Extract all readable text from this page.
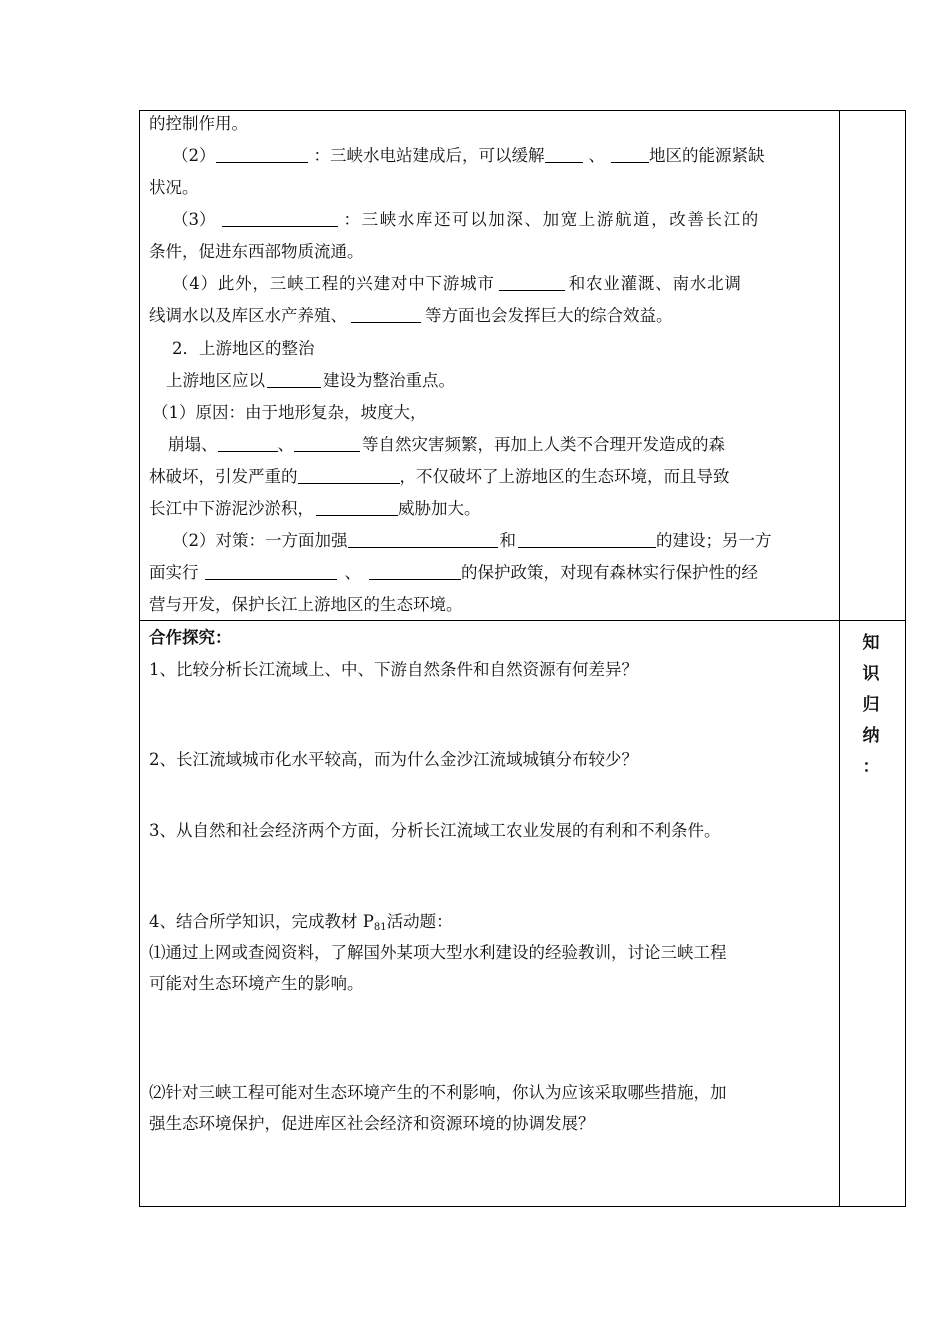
的控制作用。
（2）	：三峡水电站建成后，可以缓解	、	地区的能源紧缺
状况。
（3）	：三峡水库还可以加深、加宽上游航道，改善长江的
条件，促进东西部物质流通。
（4）此外，三峡工程的兴建对中下游城市	和农业灌溉、南水北调
线调水以及库区水产养殖、	等方面也会发挥巨大的综合效益。
2．上游地区的整治
上游地区应以	建设为整治重点。
（1）原因：由于地形复杂，坡度大，
崩塌、	、	等自然灾害频繁，再加上人类不合理开发造成的森
林破坏，引发严重的	，不仅破坏了上游地区的生态环境，而且导致
长江中下游泥沙淤积，	威胁加大。
（2）对策：一方面加强	和	的建设；另一方
面实行	、	的保护政策，对现有森林实行保护性的经
营与开发，保护长江上游地区的生态环境。
合作探究：
1、比较分析长江流域上、中、下游自然条件和自然资源有何差异？
2、长江流域城市化水平较高，而为什么金沙江流域城镇分布较少？
3、从自然和社会经济两个方面，分析长江流域工农业发展的有利和不利条件。
4、结合所学知识，完成教材 $P_{81}$活动题：
⑴通过上网或查阅资料，了解国外某项大型水利建设的经验教训，讨论三峡工程
可能对生态环境产生的影响。
⑵针对三峡工程可能对生态环境产生的不利影响，你认为应该采取哪些措施，加
强生态环境保护，促进库区社会经济和资源环境的协调发展？
知
识
归
纳
：
